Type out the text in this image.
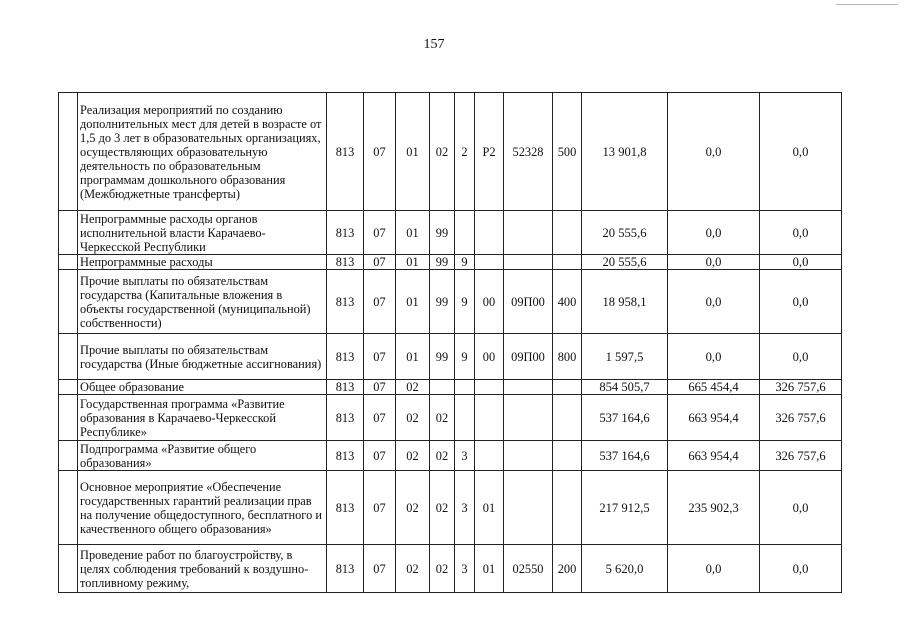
157
	Реализация мероприятий по созданию дополнительных мест для детей в возрасте от 1,5 до 3 лет в образовательных организациях, осуществляющих образовательную деятельность по образовательным программам дошкольного образования (Межбюджетные трансферты)	813	07	01	02	2	Р2	52328	500	13 901,8	0,0	0,0
	Непрограммные расходы органов исполнительной власти Карачаево-Черкесской Республики	813	07	01	99					20 555,6	0,0	0,0
	Непрограммные расходы	813	07	01	99	9				20 555,6	0,0	0,0
	Прочие выплаты по обязательствам государства (Капитальные вложения в объекты государственной (муниципальной) собственности)	813	07	01	99	9	00	09П00	400	18 958,1	0,0	0,0
	Прочие выплаты по обязательствам государства (Иные бюджетные ассигнования)	813	07	01	99	9	00	09П00	800	1 597,5	0,0	0,0
	Общее образование	813	07	02						854 505,7	665 454,4	326 757,6
	Государственная программа «Развитие образования в Карачаево-Черкесской Республике»	813	07	02	02					537 164,6	663 954,4	326 757,6
	Подпрограмма «Развитие общего образования»	813	07	02	02	3				537 164,6	663 954,4	326 757,6
	Основное мероприятие «Обеспечение государственных гарантий реализации прав на получение общедоступного, бесплатного и качественного общего образования»	813	07	02	02	3	01			217 912,5	235 902,3	0,0
	Проведение работ по благоустройству, в целях соблюдения требований к воздушно-топливному режиму,	813	07	02	02	3	01	02550	200	5 620,0	0,0	0,0
